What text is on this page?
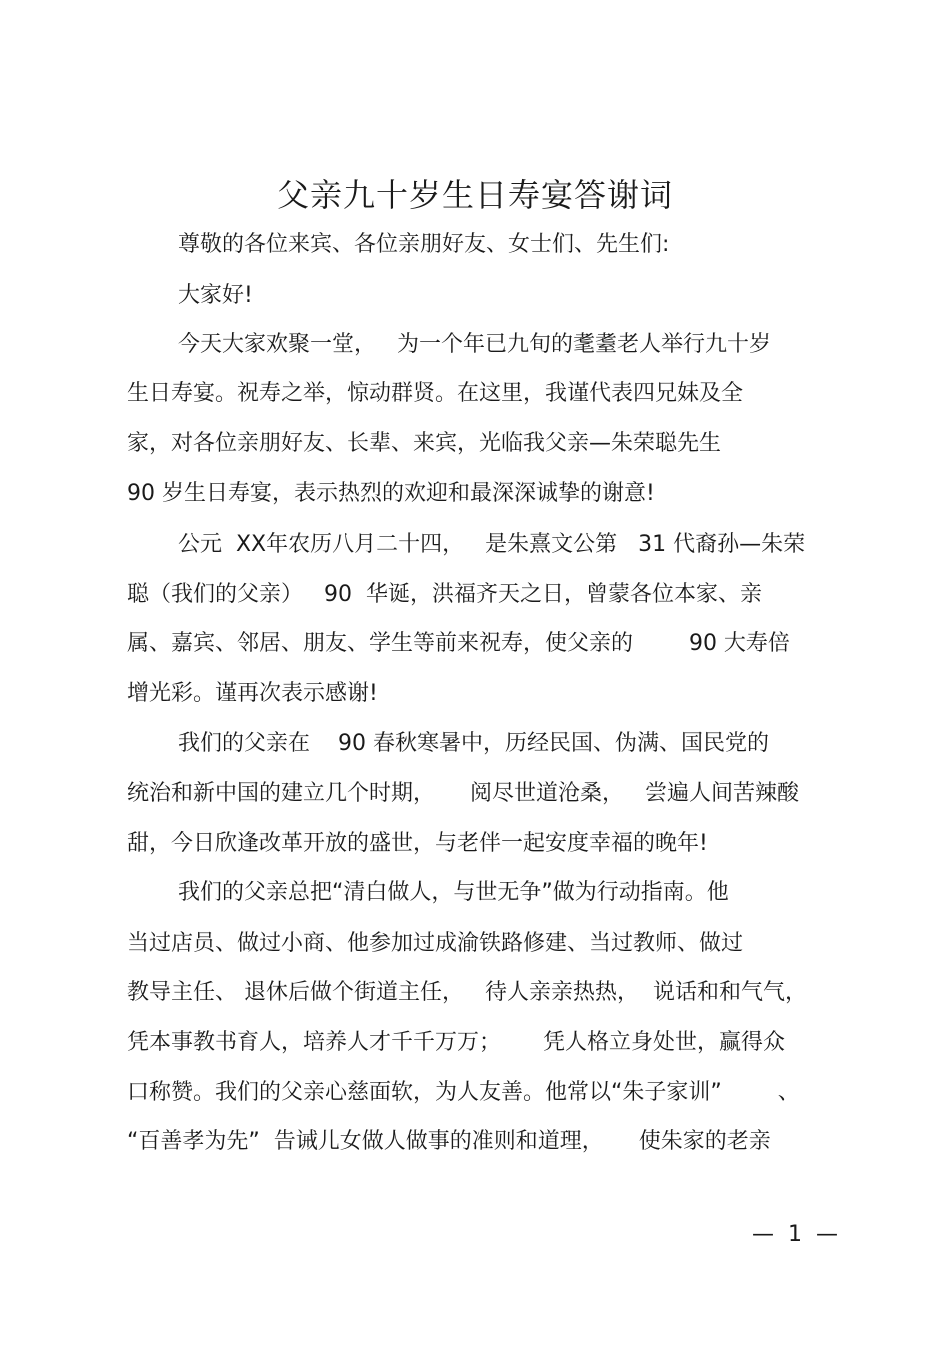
父亲九十岁生日寿宴答谢词
尊敬的各位来宾、各位亲朋好友、女士们、先生们:
大家好!
今天大家欢聚一堂，   为一个年已九旬的耄耋老人举行九十岁
生日寿宴。祝寿之举，惊动群贤。在这里，我谨代表四兄妹及全
家，对各位亲朋好友、长辈、来宾，光临我父亲—朱荣聪先生
90 岁生日寿宴，表示热烈的欢迎和最深深诚挚的谢意!
公元  XX年农历八月二十四，   是朱熹文公第   31 代裔孙—朱荣
聪（我们的父亲）   90  华诞，洪福齐天之日，曾蒙各位本家、亲
属、嘉宾、邻居、朋友、学生等前来祝寿，使父亲的        90 大寿倍
增光彩。谨再次表示感谢!
我们的父亲在    90 春秋寒暑中，历经民国、伪满、国民党的
统治和新中国的建立几个时期，     阅尽世道沧桑，   尝遍人间苦辣酸
甜，今日欣逢改革开放的盛世，与老伴一起安度幸福的晚年!
我们的父亲总把“清白做人，与世无争”做为行动指南。他
当过店员、做过小商、他参加过成渝铁路修建、当过教师、做过
教导主任、 退休后做个街道主任，   待人亲亲热热，  说话和和气气，
凭本事教书育人，培养人才千千万万；      凭人格立身处世，赢得众
口称赞。我们的父亲心慈面软，为人友善。他常以“朱子家训”        、
“百善孝为先”  告诫儿女做人做事的准则和道理，     使朱家的老亲
—  1  —
